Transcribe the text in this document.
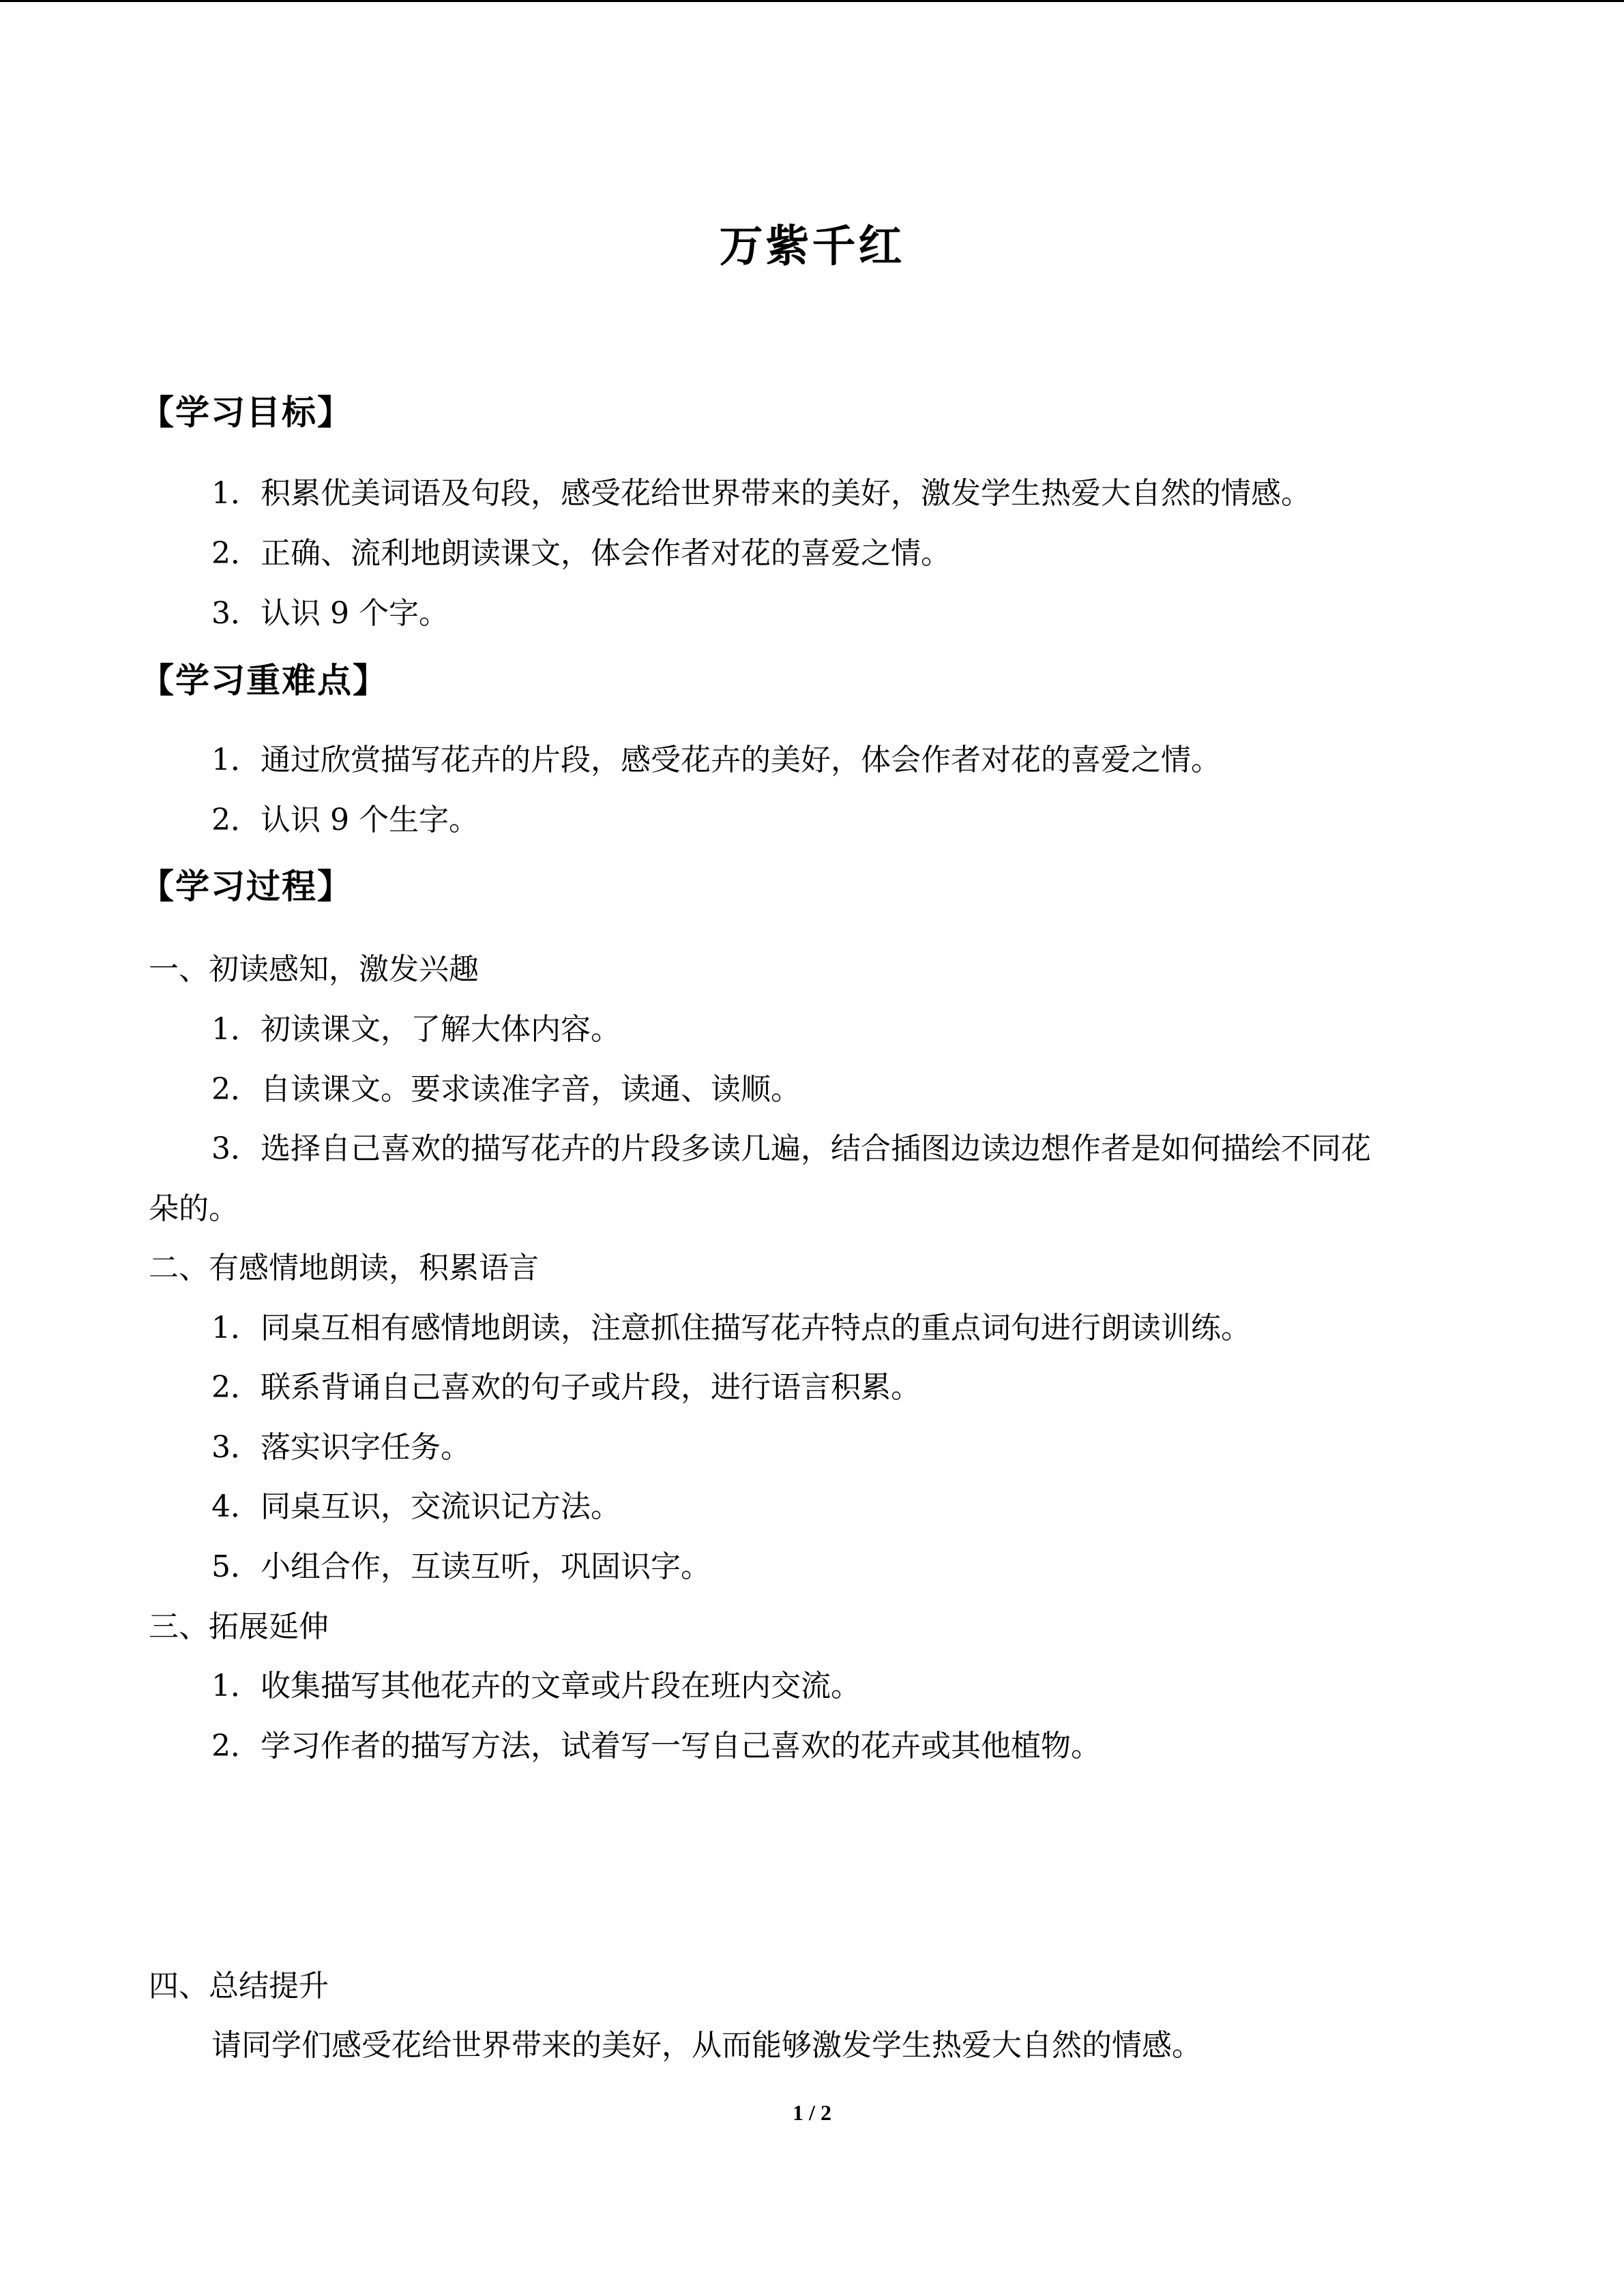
万紫千红
【学习目标】
1．积累优美词语及句段，感受花给世界带来的美好，激发学生热爱大自然的情感。
2．正确、流利地朗读课文，体会作者对花的喜爱之情。
3．认识 9 个字。
【学习重难点】
1．通过欣赏描写花卉的片段，感受花卉的美好，体会作者对花的喜爱之情。
2．认识 9 个生字。
【学习过程】
一、初读感知，激发兴趣
1．初读课文，了解大体内容。
2．自读课文。要求读准字音，读通、读顺。
3．选择自己喜欢的描写花卉的片段多读几遍，结合插图边读边想作者是如何描绘不同花
朵的。
二、有感情地朗读，积累语言
1．同桌互相有感情地朗读，注意抓住描写花卉特点的重点词句进行朗读训练。
2．联系背诵自己喜欢的句子或片段，进行语言积累。
3．落实识字任务。
4．同桌互识，交流识记方法。
5．小组合作，互读互听，巩固识字。
三、拓展延伸
1．收集描写其他花卉的文章或片段在班内交流。
2．学习作者的描写方法，试着写一写自己喜欢的花卉或其他植物。
四、总结提升
请同学们感受花给世界带来的美好，从而能够激发学生热爱大自然的情感。
1 / 2
